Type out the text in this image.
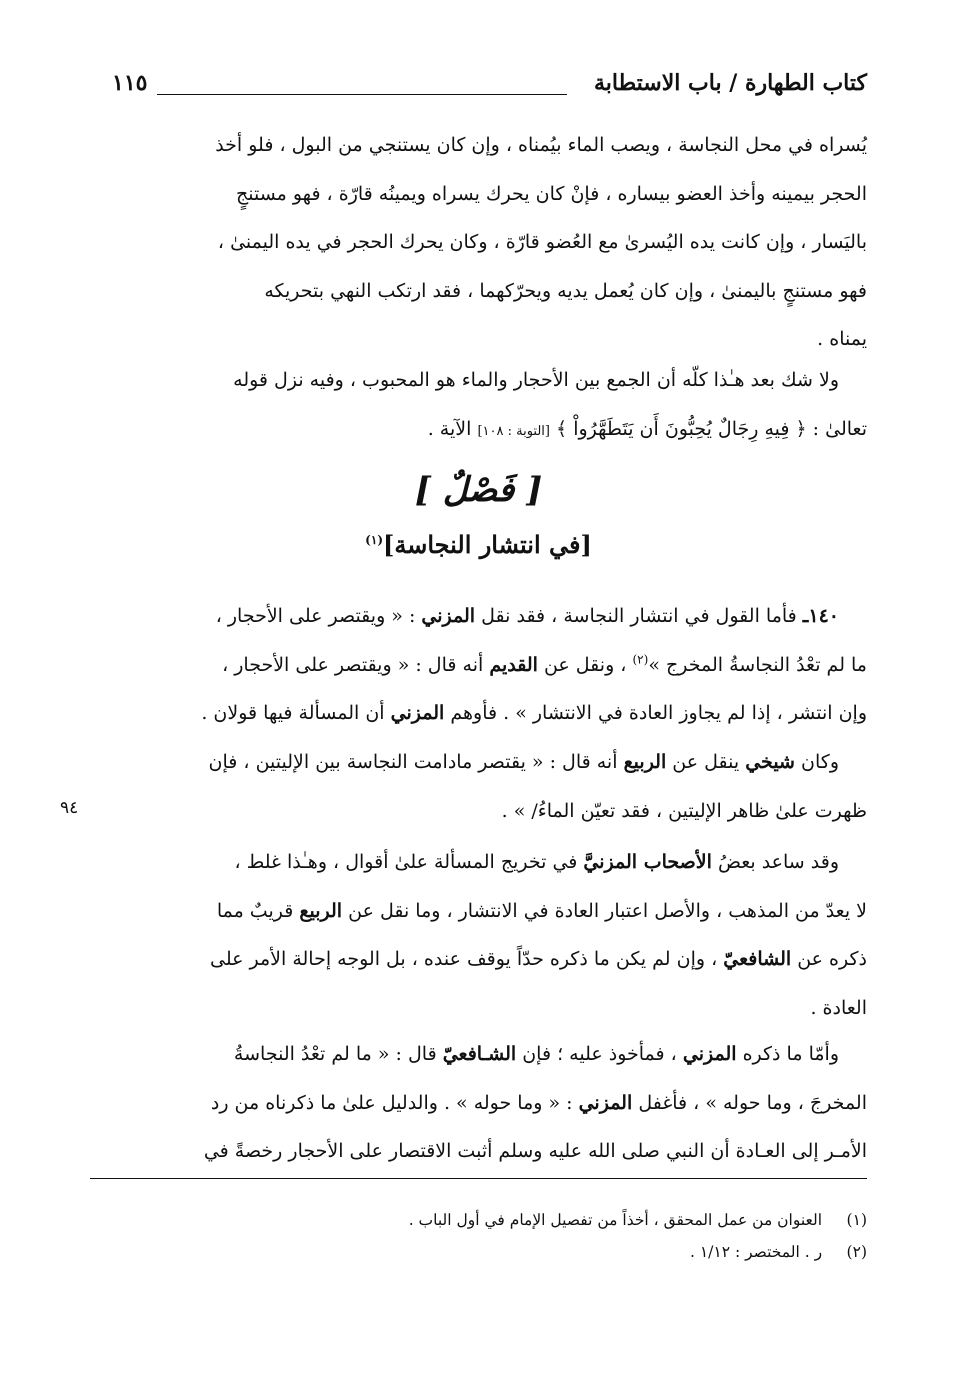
كتاب الطهارة / باب الاستطابة
١١٥

يُسراه في محل النجاسة ، ويصب الماء بيُمناه ، وإن كان يستنجي من البول ، فلو أخذ

الحجر بيمينه وأخذ العضو بيساره ، فإنْ كان يحرك يسراه ويمينُه قارّة ، فهو مستنجٍ

باليَسار ، وإن كانت يده اليُسرىٰ مع العُضو قارّة ، وكان يحرك الحجر في يده اليمنىٰ ،

فهو مستنجٍ باليمنىٰ ، وإن كان يُعمل يديه ويحرّكهما ، فقد ارتكب النهي بتحريكه

يمناه .

ولا شك بعد هـٰذا كلّه أن الجمع بين الأحجار والماء هو المحبوب ، وفيه نزل قوله

تعالىٰ : ﴿ فِيهِ رِجَالٌ يُحِبُّونَ أَن يَتَطَهَّرُواْ ﴾ [التوبة : ١٠٨] الآية .

[ فَصْلٌ ]
[في انتشار النجاسة]$^{(١)}$

١٤٠ـ فأما القول في انتشار النجاسة ، فقد نقل المزني : « ويقتصر على الأحجار ،

ما لم تعْدُ النجاسةُ المخرج »$^{(٢)}$ ، ونقل عن القديم أنه قال : « ويقتصر على الأحجار ،

وإن انتشر ، إذا لم يجاوز العادة في الانتشار » . فأوهم المزني أن المسألة فيها قولان .

وكان شيخي ينقل عن الربيع أنه قال : « يقتصر مادامت النجاسة بين الإليتين ، فإن

ظهرت علىٰ ظاهر الإليتين ، فقد تعيّن الماءُ/ » .

٩٤

وقد ساعد بعضُ الأصحاب المزنيَّ في تخريج المسألة علىٰ أقوال ، وهـٰذا غلط ،

لا يعدّ من المذهب ، والأصل اعتبار العادة في الانتشار ، وما نقل عن الربيع قريبٌ مما

ذكره عن الشافعيّ ، وإن لم يكن ما ذكره حدّاً يوقف عنده ، بل الوجه إحالة الأمر على

العادة .

وأمّا ما ذكره المزني ، فمأخوذ عليه ؛ فإن الشـافعيّ قال : « ما لم تعْدُ النجاسةُ

المخرجَ ، وما حوله » ، فأغفل المزني : « وما حوله » . والدليل علىٰ ما ذكرناه من رد

الأمـر إلى العـادة أن النبي صلى الله عليه وسلم أثبت الاقتصار على الأحجار رخصةً في

(١) العنوان من عمل المحقق ، أخذاً من تفصيل الإمام في أول الباب .
(٢) ر . المختصر : ١/١٢ .
